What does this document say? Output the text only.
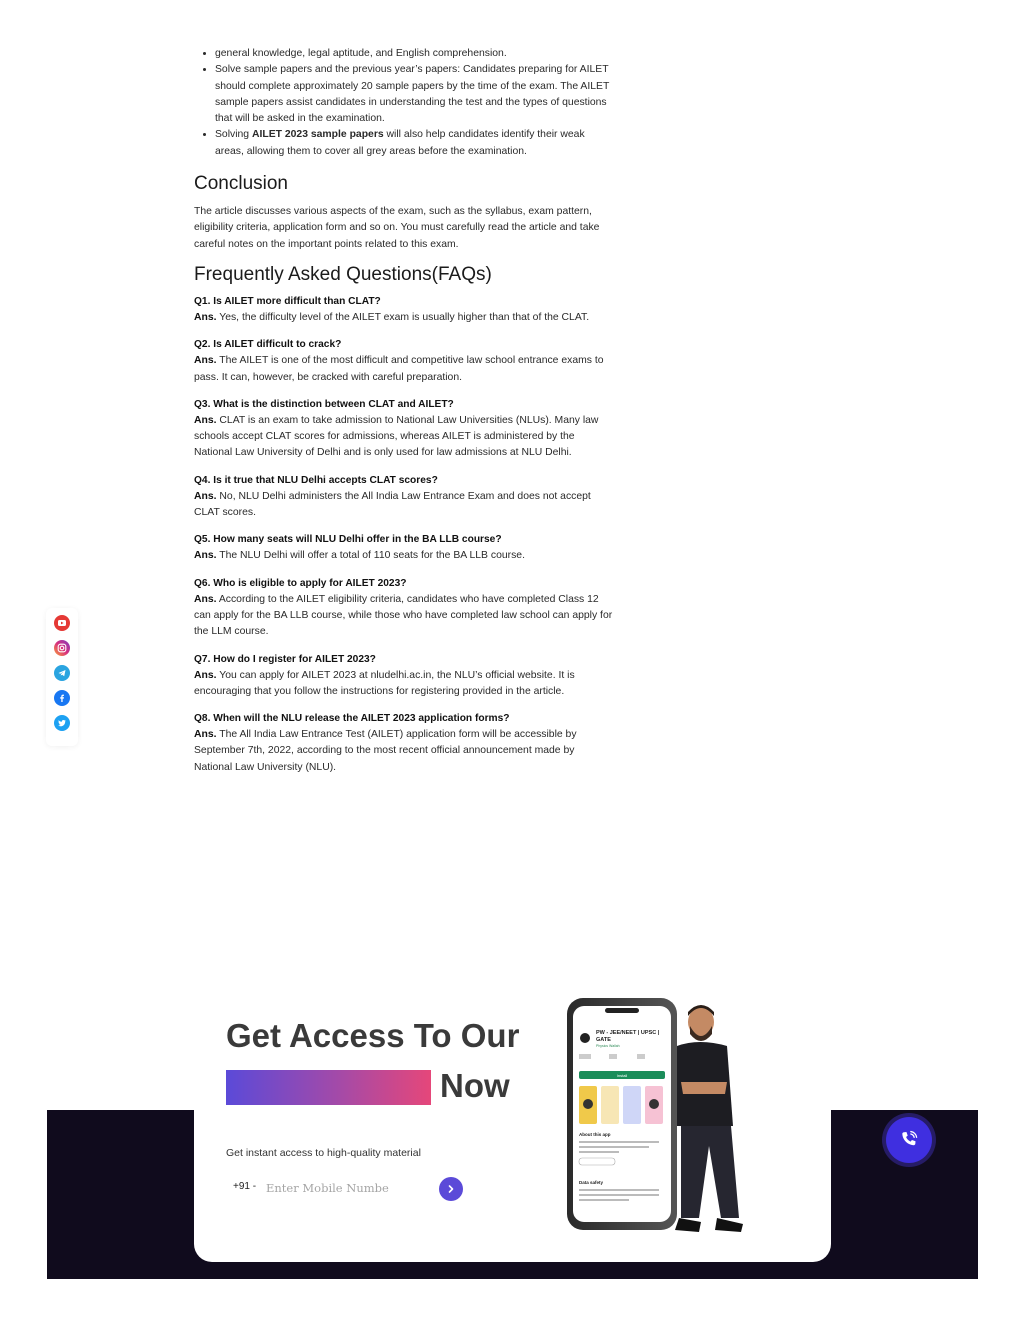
• general knowledge, legal aptitude, and English comprehension.
• Solve sample papers and the previous year’s papers: Candidates preparing for AILET should complete approximately 20 sample papers by the time of the exam. The AILET sample papers assist candidates in understanding the test and the types of questions that will be asked in the examination.
• Solving AILET 2023 sample papers will also help candidates identify their weak areas, allowing them to cover all grey areas before the examination.
Conclusion

The article discusses various aspects of the exam, such as the syllabus, exam pattern, eligibility criteria, application form and so on. You must carefully read the article and take careful notes on the important points related to this exam.

Frequently Asked Questions(FAQs)

Q1. Is AILET more difficult than CLAT?

Ans. Yes, the difficulty level of the AILET exam is usually higher than that of the CLAT.

Q2. Is AILET difficult to crack?

Ans. The AILET is one of the most difficult and competitive law school entrance exams to pass. It can, however, be cracked with careful preparation.

Q3. What is the distinction between CLAT and AILET?

Ans. CLAT is an exam to take admission to National Law Universities (NLUs). Many law schools accept CLAT scores for admissions, whereas AILET is administered by the National Law University of Delhi and is only used for law admissions at NLU Delhi.

Q4. Is it true that NLU Delhi accepts CLAT scores?

Ans. No, NLU Delhi administers the All India Law Entrance Exam and does not accept CLAT scores.

Q5. How many seats will NLU Delhi offer in the BA LLB course?

Ans. The NLU Delhi will offer a total of 110 seats for the BA LLB course.

Q6. Who is eligible to apply for AILET 2023?

Ans. According to the AILET eligibility criteria, candidates who have completed Class 12 can apply for the BA LLB course, while those who have completed law school can apply for the LLM course.

Q7. How do I register for AILET 2023?

Ans. You can apply for AILET 2023 at nludelhi.ac.in, the NLU’s official website. It is encouraging that you follow the instructions for registering provided in the article.

Q8. When will the NLU release the AILET 2023 application forms?

Ans. The All India Law Entrance Test (AILET) application form will be accessible by September 7th, 2022, according to the most recent official announcement made by National Law University (NLU).

Get Access To Our
Now
Get instant access to high-quality material
+91 -
Enter Mobile Numbe
PW - JEE/NEET | UPSC |
GATE
Physics Wallah
Install
About this app
Data safety
